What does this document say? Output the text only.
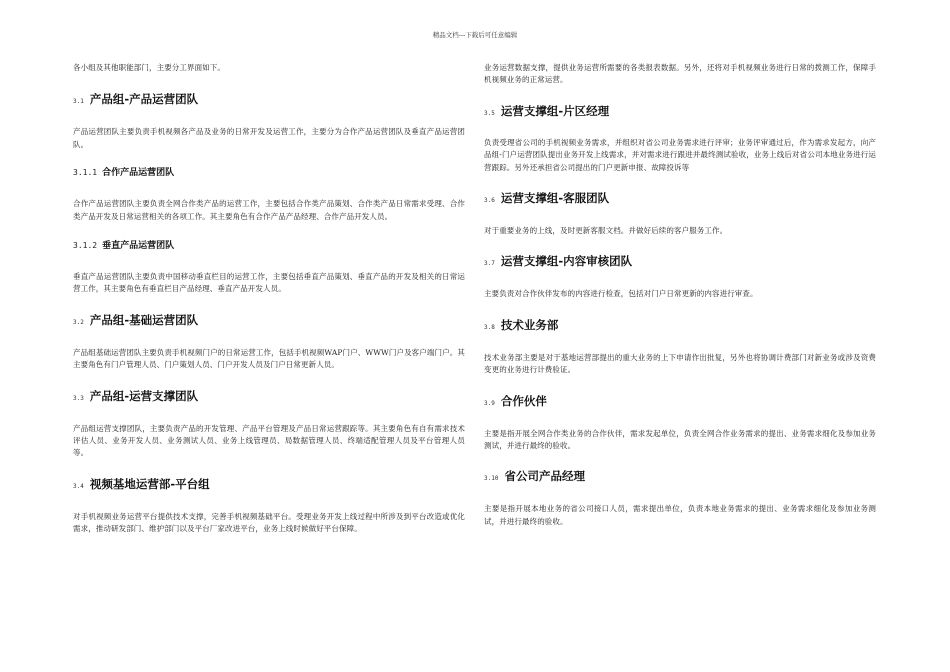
精品文档---下载后可任意编辑

各小组及其他职能部门，主要分工界面如下。

3.1 产品组-产品运营团队

产品运营团队主要负责手机视频各产品及业务的日常开发及运营工作，主要分为合作产品运营团队及垂直产品运营团队。

3.1.1 合作产品运营团队

合作产品运营团队主要负责全网合作类产品的运营工作，主要包括合作类产品策划、合作类产品日常需求受理、合作类产品开发及日常运营相关的各项工作。其主要角色有合作产品产品经理、合作产品开发人员。

3.1.2 垂直产品运营团队

垂直产品运营团队主要负责中国移动垂直栏目的运营工作，主要包括垂直产品策划、垂直产品的开发及相关的日常运营工作，其主要角色有垂直栏目产品经理、垂直产品开发人员。

3.2 产品组-基础运营团队

产品组基础运营团队主要负责手机视频门户的日常运营工作，包括手机视频WAP门户、WWW门户及客户端门户。其主要角色有门户管理人员、门户策划人员、门户开发人员及门户日常更新人员。

3.3 产品组-运营支撑团队

产品组运营支撑团队，主要负责产品的开发管理、产品平台管理及产品日常运营跟踪等。其主要角色有自有需求技术评估人员、业务开发人员、业务测试人员、业务上线管理员、局数据管理人员、终端适配管理人员及平台管理人员等。

3.4 视频基地运营部-平台组

对手机视频业务运营平台提供技术支撑，完善手机视频基础平台。受理业务开发上线过程中所涉及到平台改造或优化需求，推动研发部门、维护部门以及平台厂家改进平台，业务上线时候做好平台保障。

业务运营数据支撑，提供业务运营所需要的各类报表数据。另外，还将对手机视频业务进行日常的拨测工作，保障手机视频业务的正常运营。

3.5 运营支撑组-片区经理

负责受理省公司的手机视频业务需求，并组织对省公司业务需求进行评审；业务评审通过后，作为需求发起方，向产品组-门户运营团队提出业务开发上线需求，并对需求进行跟进并最终测试验收，业务上线后对省公司本地业务进行运营跟踪。另外还承担省公司提出的门户更新申报、故障投诉等

3.6 运营支撑组-客服团队

对于重要业务的上线，及时更新客服文档。并做好后续的客户服务工作。

3.7 运营支撑组-内容审核团队

主要负责对合作伙伴发布的内容进行检查，包括对门户日常更新的内容进行审查。

3.8 技术业务部

技术业务部主要是对于基地运营部提出的重大业务的上下申请作出批复，另外也将协调计费部门对新业务或涉及资费变更的业务进行计费验证。

3.9 合作伙伴

主要是指开展全网合作类业务的合作伙伴，需求发起单位，负责全网合作业务需求的提出、业务需求细化及参加业务测试，并进行最终的验收。

3.10 省公司产品经理

主要是指开展本地业务的省公司接口人员，需求提出单位，负责本地业务需求的提出、业务需求细化及参加业务测试，并进行最终的验收。
